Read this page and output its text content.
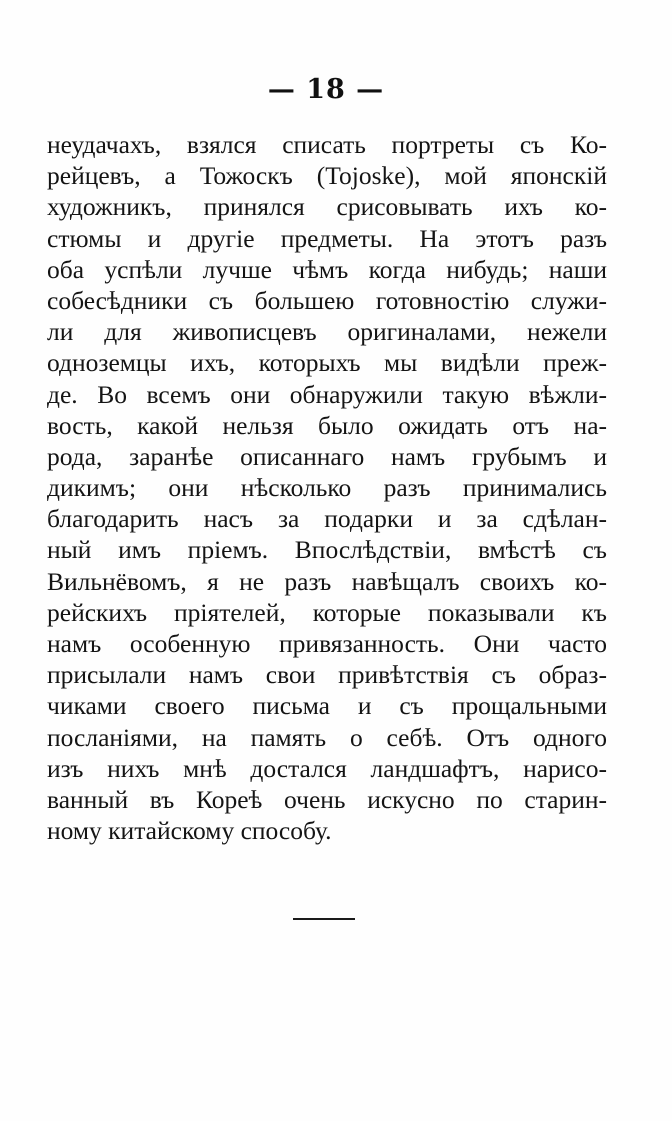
— 18 —
неудачахъ, взялся списать портреты съ Ко-
рейцевъ, а Тожоскъ (Tojoske), мой японскій
художникъ, принялся срисовывать ихъ ко-
стюмы и другіе предметы. На этотъ разъ
оба успѣли лучше чѣмъ когда нибудь; наши
собесѣдники съ большею готовностію служи-
ли для живописцевъ оригиналами, нежели
одноземцы ихъ, которыхъ мы видѣли преж-
де. Во всемъ они обнаружили такую вѣжли-
вость, какой нельзя было ожидать отъ на-
рода, заранѣе описаннаго намъ грубымъ и
дикимъ; они нѣсколько разъ принимались
благодарить насъ за подарки и за сдѣлан-
ный имъ пріемъ. Впослѣдствіи, вмѣстѣ съ
Вильнёвомъ, я не разъ навѣщалъ своихъ ко-
рейскихъ пріятелей, которые показывали къ
намъ особенную привязанность. Они часто
присылали намъ свои привѣтствія съ образ-
чиками своего письма и съ прощальными
посланіями, на память о себѣ. Отъ одного
изъ нихъ мнѣ достался ландшафтъ, нарисо-
ванный въ Кореѣ очень искусно по старин-
ному китайскому способу.
